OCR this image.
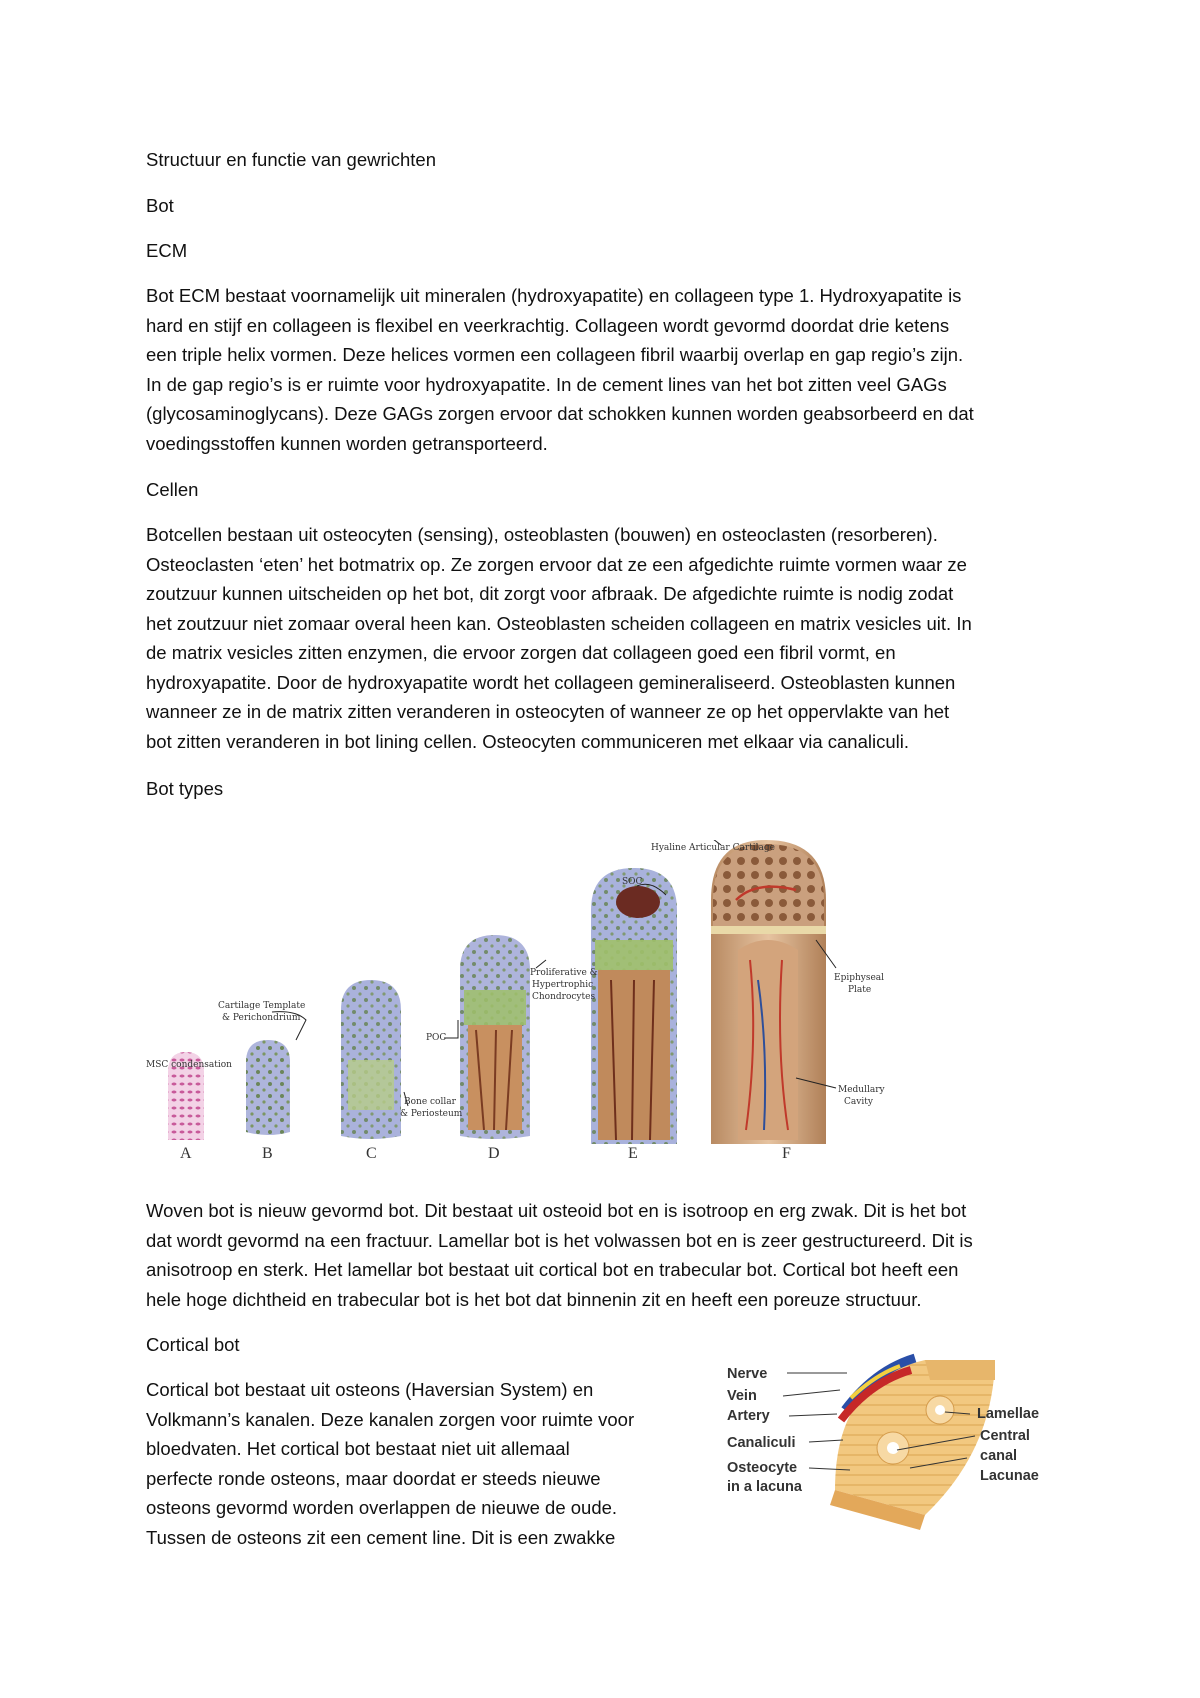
Structuur en functie van gewrichten
Bot
ECM
Bot ECM bestaat voornamelijk uit mineralen (hydroxyapatite) en collageen type 1. Hydroxyapatite is
hard en stijf en collageen is flexibel en veerkrachtig. Collageen wordt gevormd doordat drie ketens
een triple helix vormen. Deze helices vormen een collageen fibril waarbij overlap en gap regio’s zijn.
In de gap regio’s is er ruimte voor hydroxyapatite. In de cement lines van het bot zitten veel GAGs
(glycosaminoglycans). Deze GAGs zorgen ervoor dat schokken kunnen worden geabsorbeerd en dat
voedingsstoffen kunnen worden getransporteerd.
Cellen
Botcellen bestaan uit osteocyten (sensing), osteoblasten (bouwen) en osteoclasten (resorberen).
Osteoclasten ‘eten’ het botmatrix op. Ze zorgen ervoor dat ze een afgedichte ruimte vormen waar ze
zoutzuur kunnen uitscheiden op het bot, dit zorgt voor afbraak. De afgedichte ruimte is nodig zodat
het zoutzuur niet zomaar overal heen kan. Osteoblasten scheiden collageen en matrix vesicles uit. In
de matrix vesicles zitten enzymen, die ervoor zorgen dat collageen goed een fibril vormt, en
hydroxyapatite. Door de hydroxyapatite wordt het collageen gemineraliseerd. Osteoblasten kunnen
wanneer ze in de matrix zitten veranderen in osteocyten of wanneer ze op het oppervlakte van het
bot zitten veranderen in bot lining cellen. Osteocyten communiceren met elkaar via canaliculi.
Bot types
MSC condensation
Cartilage Template
& Perichondrium
POC
Bone collar
& Periosteum
Proliferative &
Hypertrophic
Chondrocytes
SOC
Hyaline Articular Cartilage
Epiphyseal
Plate
Medullary
Cavity
A	B	C	D	E	F
Woven bot is nieuw gevormd bot. Dit bestaat uit osteoid bot en is isotroop en erg zwak. Dit is het bot
dat wordt gevormd na een fractuur. Lamellar bot is het volwassen bot en is zeer gestructureerd. Dit is
anisotroop en sterk. Het lamellar bot bestaat uit cortical bot en trabecular bot. Cortical bot heeft een
hele hoge dichtheid en trabecular bot is het bot dat binnenin zit en heeft een poreuze structuur.
Cortical bot
Cortical bot bestaat uit osteons (Haversian System) en
Volkmann’s kanalen. Deze kanalen zorgen voor ruimte voor
bloedvaten. Het cortical bot bestaat niet uit allemaal
perfecte ronde osteons, maar doordat er steeds nieuwe
osteons gevormd worden overlappen de nieuwe de oude.
Tussen de osteons zit een cement line. Dit is een zwakke
Nerve
Vein
Artery
Canaliculi
Osteocyte
in a lacuna
Lamellae
Central
canal
Lacunae
